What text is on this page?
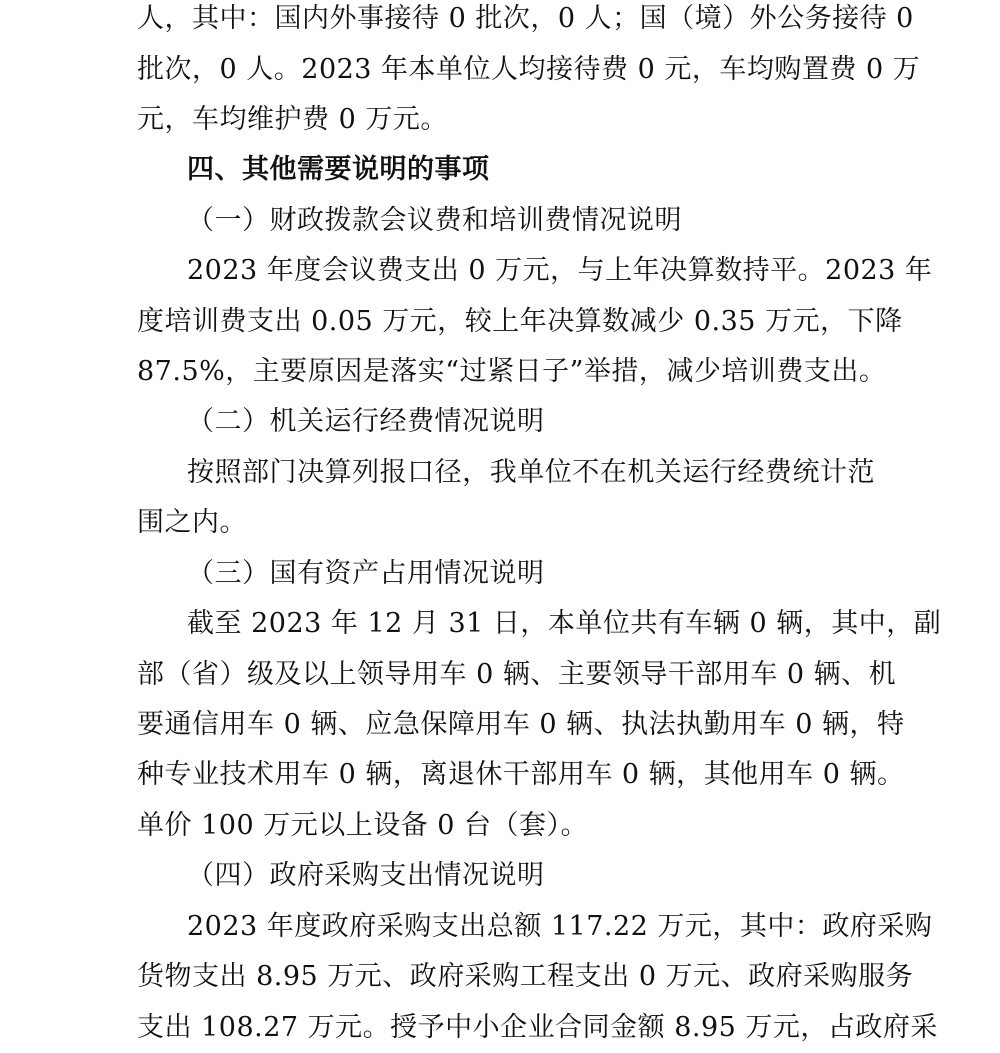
人，其中：国内外事接待 0 批次，0 人；国（境）外公务接待 0
批次，0 人。2023 年本单位人均接待费 0 元，车均购置费 0 万
元，车均维护费 0 万元。
四、其他需要说明的事项
（一）财政拨款会议费和培训费情况说明
2023 年度会议费支出 0 万元，与上年决算数持平。2023 年
度培训费支出 0.05 万元，较上年决算数减少 0.35 万元，下降
87.5%，主要原因是落实“过紧日子”举措，减少培训费支出。
（二）机关运行经费情况说明
按照部门决算列报口径，我单位不在机关运行经费统计范
围之内。
（三）国有资产占用情况说明
截至 2023 年 12 月 31 日，本单位共有车辆 0 辆，其中，副
部（省）级及以上领导用车 0 辆、主要领导干部用车 0 辆、机
要通信用车 0 辆、应急保障用车 0 辆、执法执勤用车 0 辆，特
种专业技术用车 0 辆，离退休干部用车 0 辆，其他用车 0 辆。
单价 100 万元以上设备 0 台（套）。
（四）政府采购支出情况说明
2023 年度政府采购支出总额 117.22 万元，其中：政府采购
货物支出 8.95 万元、政府采购工程支出 0 万元、政府采购服务
支出 108.27 万元。授予中小企业合同金额 8.95 万元，占政府采
